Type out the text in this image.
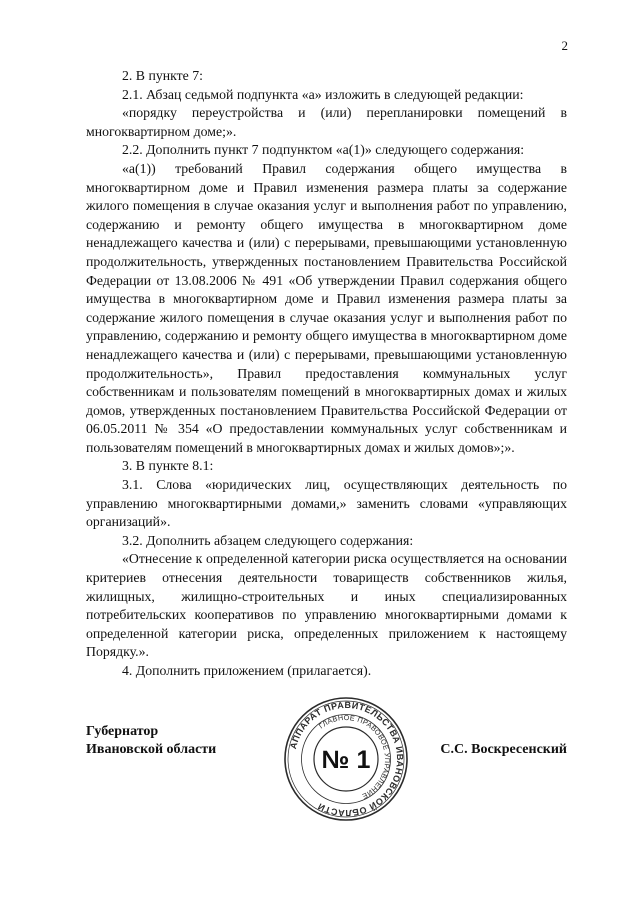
2

2. В пункте 7:

2.1. Абзац седьмой подпункта «а» изложить в следующей редакции:

«порядку переустройства и (или) перепланировки помещений в многоквартирном доме;».

2.2. Дополнить пункт 7 подпунктом «а(1)» следующего содержания:

«а(1)) требований Правил содержания общего имущества в многоквартирном доме и Правил изменения размера платы за содержание жилого помещения в случае оказания услуг и выполнения работ по управлению, содержанию и ремонту общего имущества в многоквартирном доме ненадлежащего качества и (или) с перерывами, превышающими установленную продолжительность, утвержденных постановлением Правительства Российской Федерации от 13.08.2006 № 491 «Об утверждении Правил содержания общего имущества в многоквартирном доме и Правил изменения размера платы за содержание жилого помещения в случае оказания услуг и выполнения работ по управлению, содержанию и ремонту общего имущества в многоквартирном доме ненадлежащего качества и (или) с перерывами, превышающими установленную продолжительность», Правил предоставления коммунальных услуг собственникам и пользователям помещений в многоквартирных домах и жилых домов, утвержденных постановлением Правительства Российской Федерации от 06.05.2011 № 354 «О предоставлении коммунальных услуг собственникам и пользователям помещений в многоквартирных домах и жилых домов»;».

3. В пункте 8.1:

3.1. Слова «юридических лиц, осуществляющих деятельность по управлению многоквартирными домами,» заменить словами «управляющих организаций».

3.2. Дополнить абзацем следующего содержания:

«Отнесение к определенной категории риска осуществляется на основании критериев отнесения деятельности товариществ собственников жилья, жилищных, жилищно-строительных и иных специализированных потребительских кооперативов по управлению многоквартирными домами к определенной категории риска, определенных приложением к настоящему Порядку.».

4. Дополнить приложением (прилагается).

Губернатор
Ивановской области	АППАРАТ ПРАВИТЕЛЬСТВА ИВАНОВСКОЙ ОБЛАСТИ
ГЛАВНОЕ ПРАВОВОЕ УПРАВЛЕНИЕ
№ 1	С.С. Воскресенский
